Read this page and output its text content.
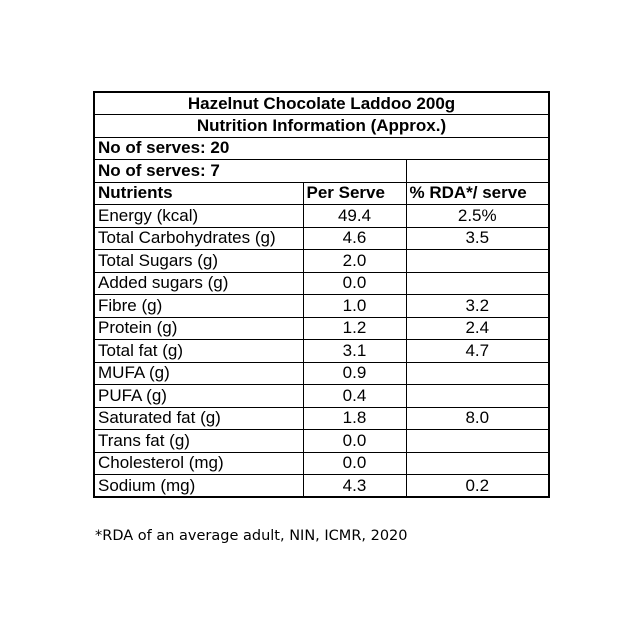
Hazelnut Chocolate Laddoo 200g		
Nutrition Information (Approx.)		
No of serves: 20		
No of serves: 7		
Nutrients	Per Serve	% RDA*/ serve
Energy (kcal)	49.4	2.5%
Total Carbohydrates (g)	4.6	3.5
Total Sugars (g)	2.0	
Added sugars (g)	0.0	
Fibre (g)	1.0	3.2
Protein (g)	1.2	2.4
Total fat (g)	3.1	4.7
MUFA (g)	0.9	
PUFA (g)	0.4	
Saturated fat (g)	1.8	8.0
Trans fat (g)	0.0	
Cholesterol (mg)	0.0	
Sodium (mg)	4.3	0.2
*RDA of an average adult, NIN, ICMR, 2020
